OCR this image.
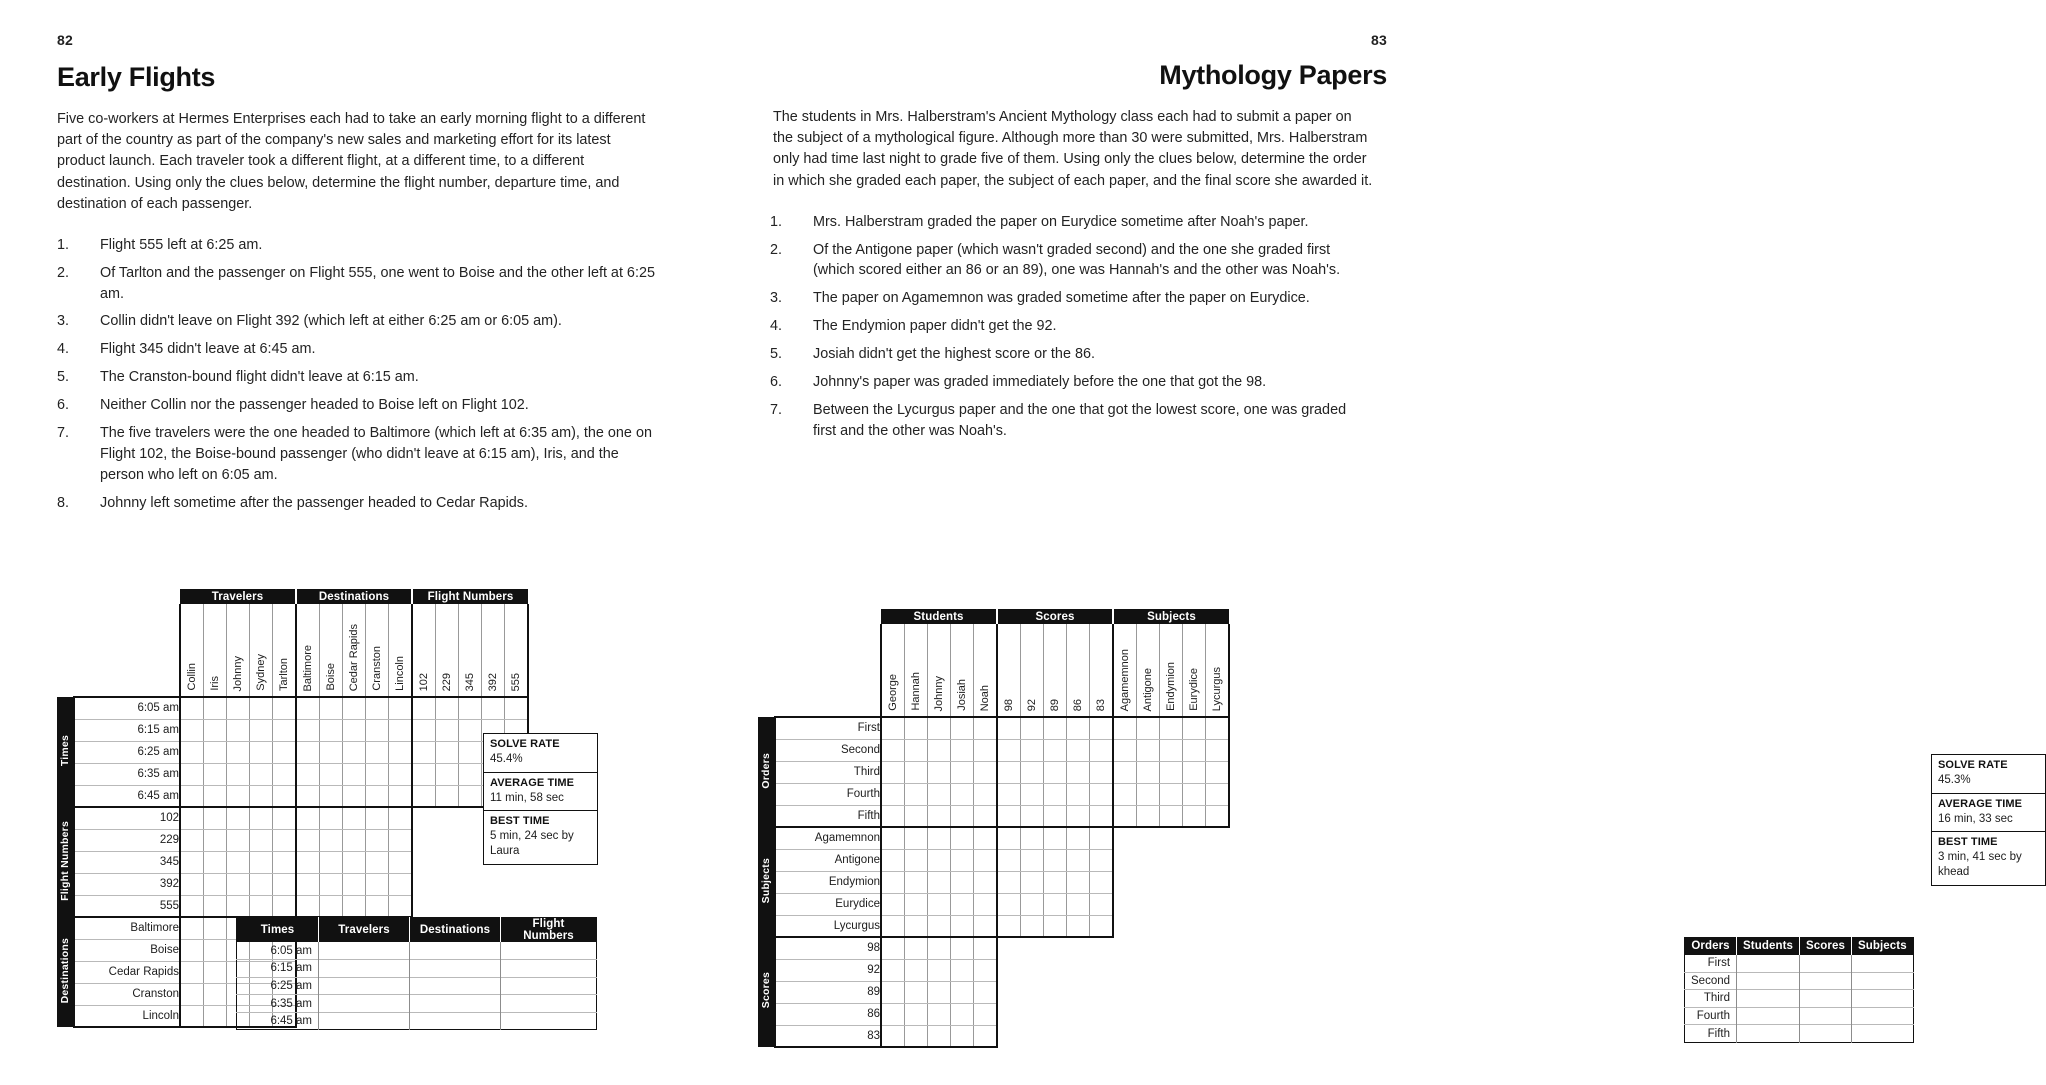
82
Early Flights

Five co-workers at Hermes Enterprises each had to take an early morning flight to a different part of the country as part of the company's new sales and marketing effort for its latest product launch. Each traveler took a different flight, at a different time, to a different destination. Using only the clues below, determine the flight number, departure time, and destination of each passenger.

1.	Flight 555 left at 6:25 am.
2.	Of Tarlton and the passenger on Flight 555, one went to Boise and the other left at 6:25 am.
3.	Collin didn't leave on Flight 392 (which left at either 6:25 am or 6:05 am).
4.	Flight 345 didn't leave at 6:45 am.
5.	The Cranston-bound flight didn't leave at 6:15 am.
6.	Neither Collin nor the passenger headed to Boise left on Flight 102.
7.	The five travelers were the one headed to Baltimore (which left at 6:35 am), the one on Flight 102, the Boise-bound passenger (who didn't leave at 6:15 am), Iris, and the person who left on 6:05 am.
8.	Johnny left sometime after the passenger headed to Cedar Rapids.
		Travelers					Destinations					Flight Numbers				
		Collin	Iris	Johnny	Sydney	Tarlton	Baltimore	Boise	Cedar Rapids	Cranston	Lincoln	102	229	345	392	555
Times	6:05 am															
	6:15 am															
	6:25 am															
	6:35 am															
	6:45 am															
Flight Numbers	102															
	229															
	345															
	392															
	555															
Destinations	Baltimore															
	Boise															
	Cedar Rapids															
	Cranston															
	Lincoln															
SOLVE RATE
45.4%
AVERAGE TIME
11 min, 58 sec
BEST TIME
5 min, 24 sec by Laura
Times	Travelers	Destinations	Flight Numbers
6:05 am			
6:15 am			
6:25 am			
6:35 am			
6:45 am			
83
Mythology Papers

The students in Mrs. Halberstram's Ancient Mythology class each had to submit a paper on the subject of a mythological figure. Although more than 30 were submitted, Mrs. Halberstram only had time last night to grade five of them. Using only the clues below, determine the order in which she graded each paper, the subject of each paper, and the final score she awarded it.

1.	Mrs. Halberstram graded the paper on Eurydice sometime after Noah's paper.
2.	Of the Antigone paper (which wasn't graded second) and the one she graded first (which scored either an 86 or an 89), one was Hannah's and the other was Noah's.
3.	The paper on Agamemnon was graded sometime after the paper on Eurydice.
4.	The Endymion paper didn't get the 92.
5.	Josiah didn't get the highest score or the 86.
6.	Johnny's paper was graded immediately before the one that got the 98.
7.	Between the Lycurgus paper and the one that got the lowest score, one was graded first and the other was Noah's.
		Students					Scores					Subjects				
		George	Hannah	Johnny	Josiah	Noah	98	92	89	86	83	Agamemnon	Antigone	Endymion	Eurydice	Lycurgus
Orders	First															
	Second															
	Third															
	Fourth															
	Fifth															
Subjects	Agamemnon															
	Antigone															
	Endymion															
	Eurydice															
	Lycurgus															
Scores	98															
	92															
	89															
	86															
	83															
SOLVE RATE
45.3%
AVERAGE TIME
16 min, 33 sec
BEST TIME
3 min, 41 sec by khead
Orders	Students	Scores	Subjects
First			
Second			
Third			
Fourth			
Fifth			
